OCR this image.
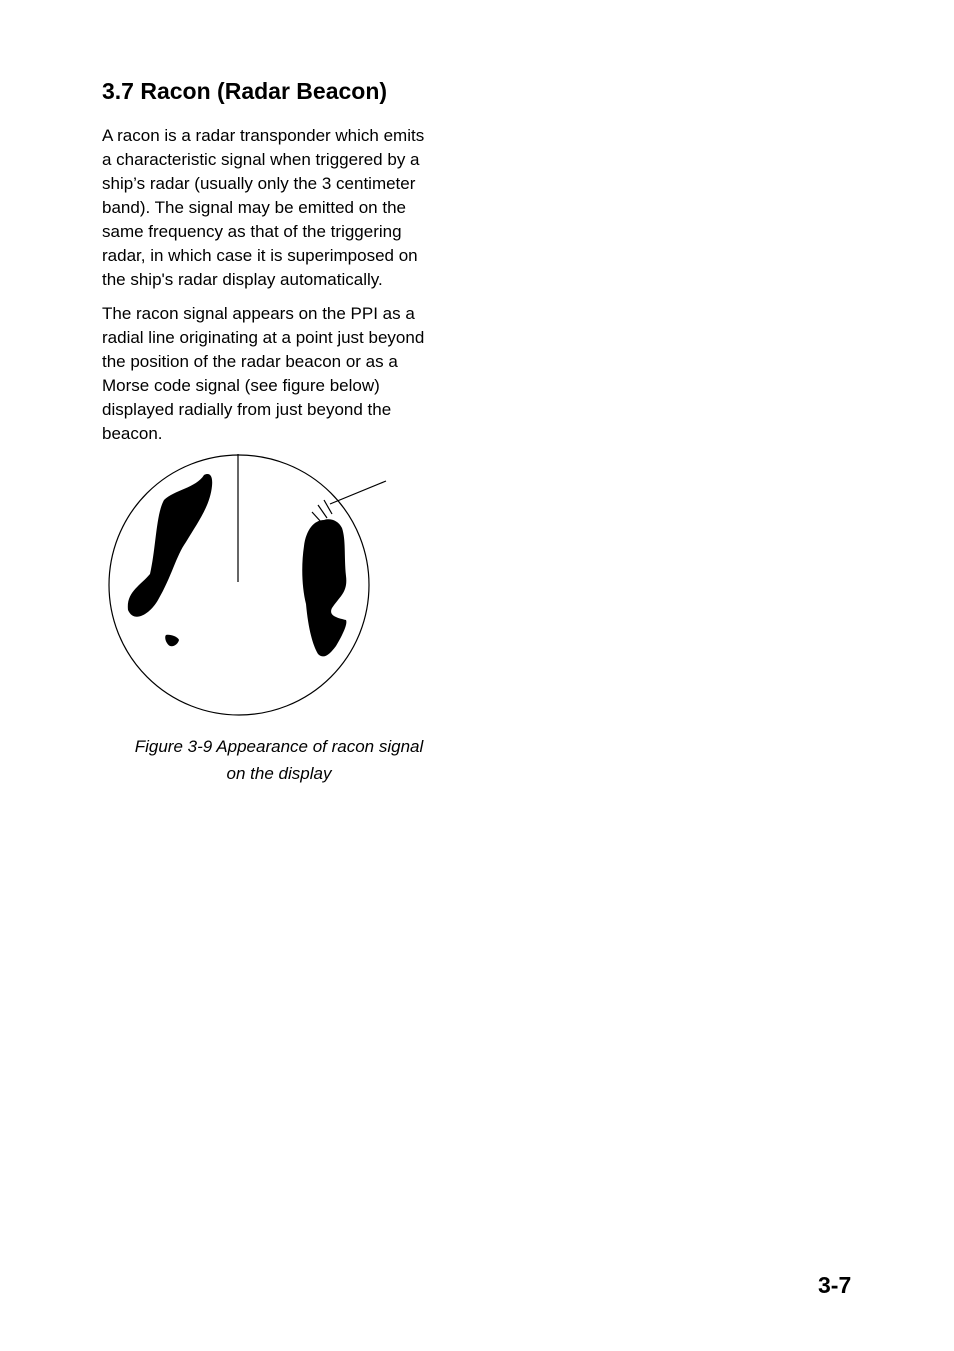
3.7 Racon (Radar Beacon)

A racon is a radar transponder which emits
a characteristic signal when triggered by a
ship’s radar (usually only the 3 centimeter
band). The signal may be emitted on the
same frequency as that of the triggering
radar, in which case it is superimposed on
the ship's radar display automatically.

The racon signal appears on the PPI as a
radial line originating at a point just beyond
the position of the radar beacon or as a
Morse code signal (see figure below)
displayed radially from just beyond the
beacon.

Figure 3-9 Appearance of racon signal
on the display

3-7
